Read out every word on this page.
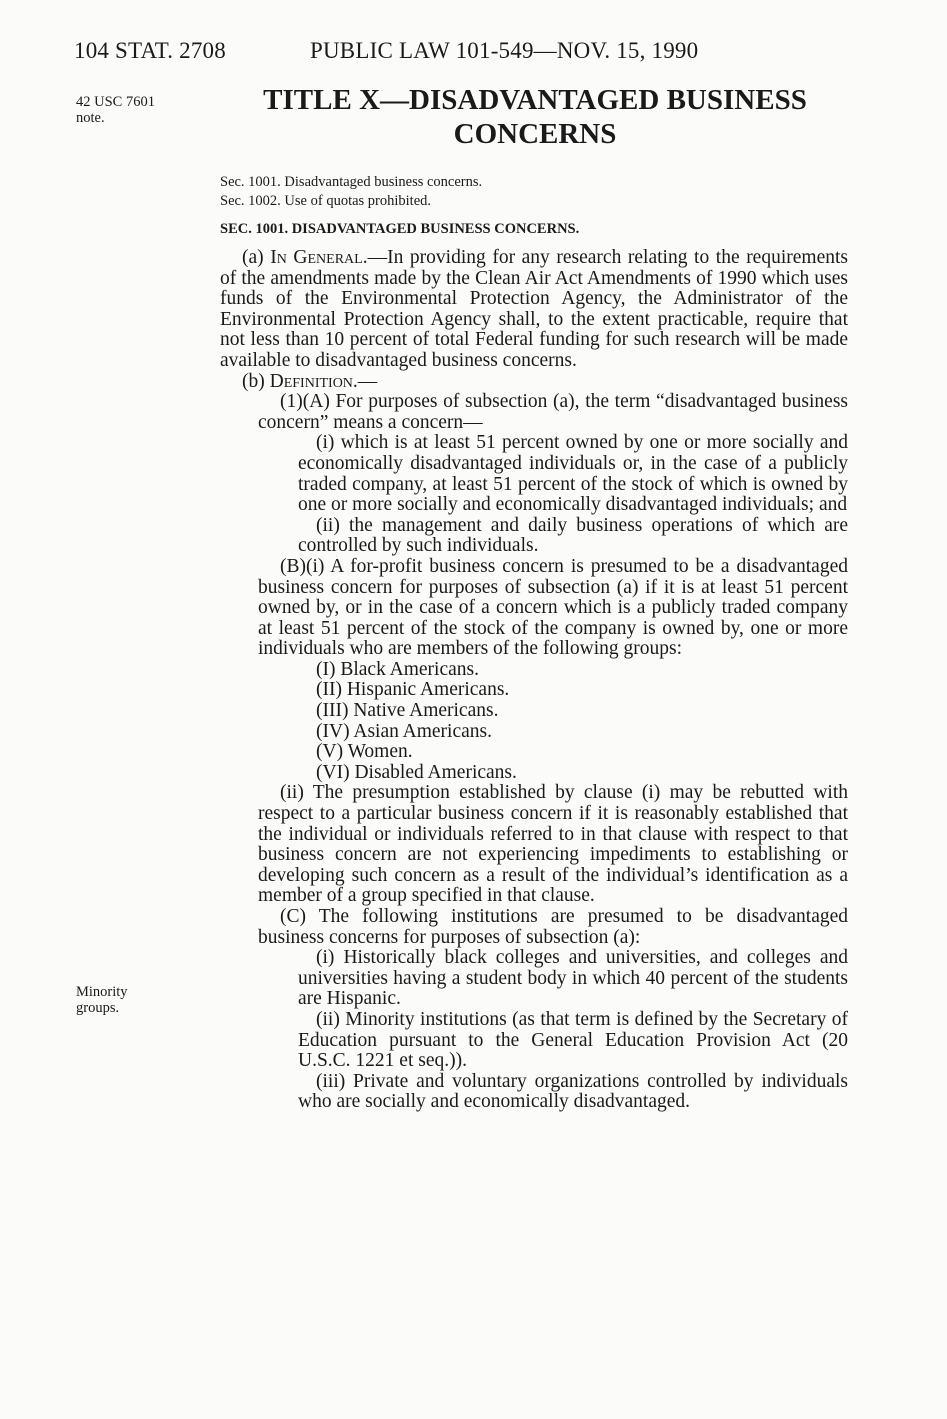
104 STAT. 2708	PUBLIC LAW 101-549—NOV. 15, 1990
42 USC 7601
note.
TITLE X—DISADVANTAGED BUSINESS
CONCERNS
Sec. 1001. Disadvantaged business concerns.
Sec. 1002. Use of quotas prohibited.
SEC. 1001. DISADVANTAGED BUSINESS CONCERNS.

(a) In General.—In providing for any research relating to the requirements of the amendments made by the Clean Air Act Amendments of 1990 which uses funds of the Environmental Protection Agency, the Administrator of the Environmental Protection Agency shall, to the extent practicable, require that not less than 10 percent of total Federal funding for such research will be made available to disadvantaged business concerns.

(b) Definition.—

(1)(A) For purposes of subsection (a), the term “disadvantaged business concern” means a concern—

(i) which is at least 51 percent owned by one or more socially and economically disadvantaged individuals or, in the case of a publicly traded company, at least 51 percent of the stock of which is owned by one or more socially and economically disadvantaged individuals; and

(ii) the management and daily business operations of which are controlled by such individuals.

(B)(i) A for-profit business concern is presumed to be a disadvantaged business concern for purposes of subsection (a) if it is at least 51 percent owned by, or in the case of a concern which is a publicly traded company at least 51 percent of the stock of the company is owned by, one or more individuals who are members of the following groups:

(I) Black Americans.

(II) Hispanic Americans.

(III) Native Americans.

(IV) Asian Americans.

(V) Women.

(VI) Disabled Americans.

(ii) The presumption established by clause (i) may be rebutted with respect to a particular business concern if it is reasonably established that the individual or individuals referred to in that clause with respect to that business concern are not experiencing impediments to establishing or developing such concern as a result of the individual’s identification as a member of a group specified in that clause.

(C) The following institutions are presumed to be disadvantaged business concerns for purposes of subsection (a):

(i) Historically black colleges and universities, and colleges and universities having a student body in which 40 percent of the students are Hispanic.

(ii) Minority institutions (as that term is defined by the Secretary of Education pursuant to the General Education Provision Act (20 U.S.C. 1221 et seq.)).

(iii) Private and voluntary organizations controlled by individuals who are socially and economically disadvantaged.

Minority
groups.
